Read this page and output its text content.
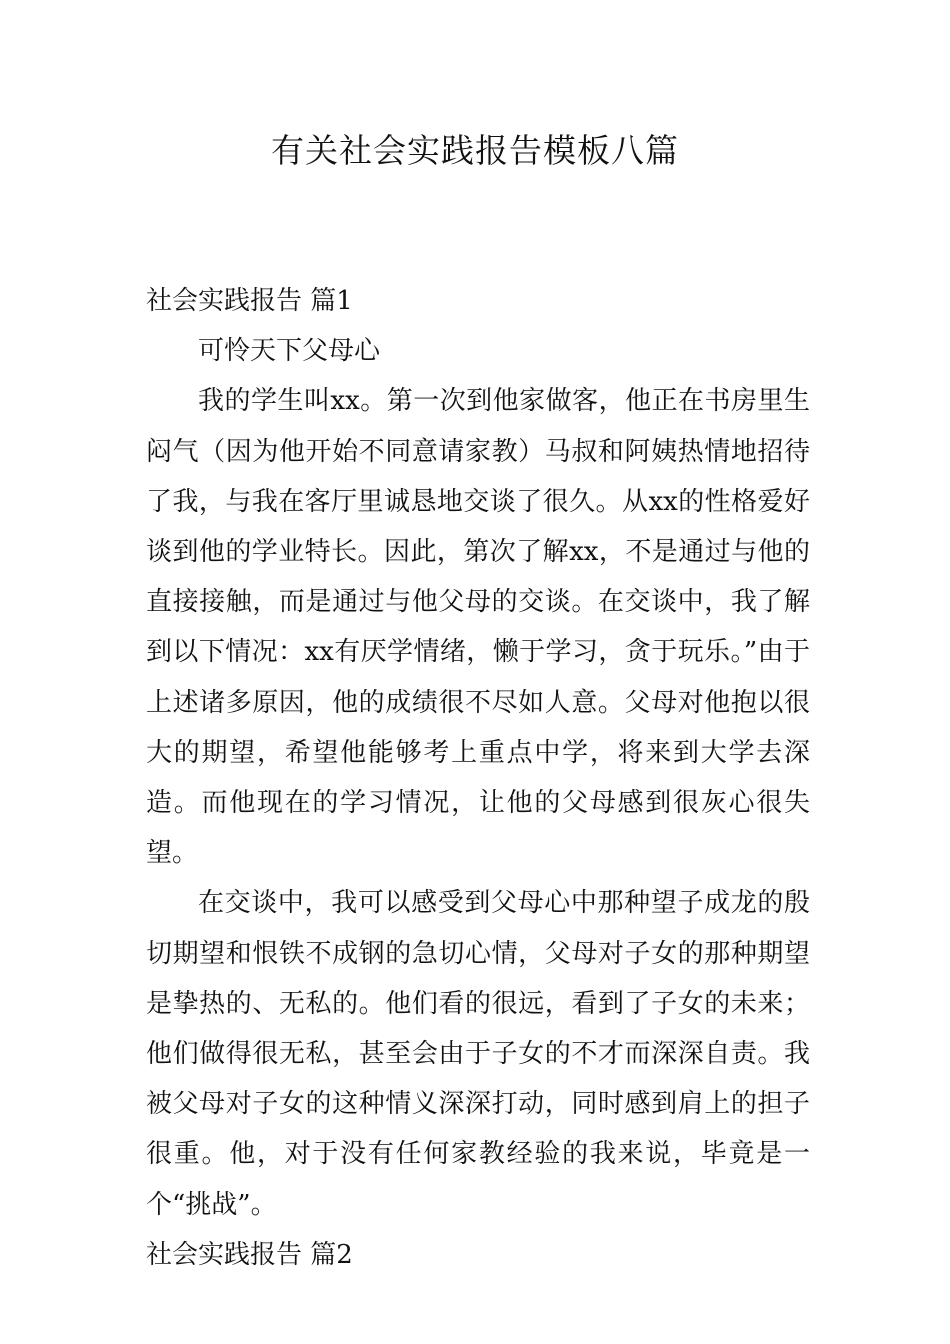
有关社会实践报告模板八篇
社会实践报告 篇1

可怜天下父母心

我的学生叫xx。第一次到他家做客，他正在书房里生闷气（因为他开始不同意请家教）马叔和阿姨热情地招待了我，与我在客厅里诚恳地交谈了很久。从xx的性格爱好谈到他的学业特长。因此，第次了解xx，不是通过与他的直接接触，而是通过与他父母的交谈。在交谈中，我了解到以下情况：xx有厌学情绪，懒于学习，贪于玩乐。”由于上述诸多原因，他的成绩很不尽如人意。父母对他抱以很大的期望，希望他能够考上重点中学，将来到大学去深造。而他现在的学习情况，让他的父母感到很灰心很失望。

在交谈中，我可以感受到父母心中那种望子成龙的殷切期望和恨铁不成钢的急切心情，父母对子女的那种期望是挚热的、无私的。他们看的很远，看到了子女的未来；他们做得很无私，甚至会由于子女的不才而深深自责。我被父母对子女的这种情义深深打动，同时感到肩上的担子很重。他，对于没有任何家教经验的我来说，毕竟是一个“挑战”。

社会实践报告 篇2
